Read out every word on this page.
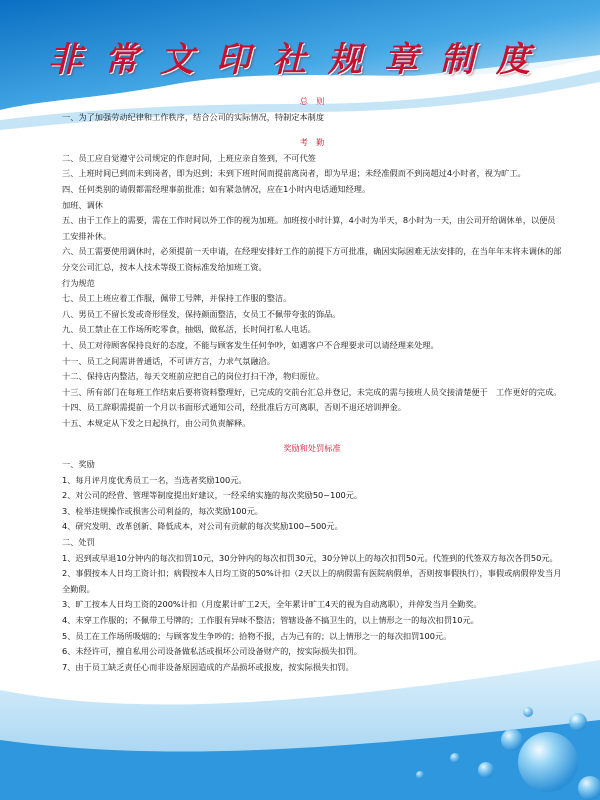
非常文印社规章制度
总　则
一、为了加强劳动纪律和工作秩序，结合公司的实际情况，特制定本制度
考　勤
二、员工应自觉遵守公司规定的作息时间，上班应亲自签到，不可代签
三、上班时间已到而未到岗者，即为迟到；未到下班时间而提前离岗者，即为早退；未经准假而不到岗超过4小时者，视为旷工。
四、任何类别的请假都需经理事前批准；如有紧急情况，应在1小时内电话通知经理。
加班、调休
五、由于工作上的需要，需在工作时间以外工作的视为加班。加班按小时计算，4小时为半天，8小时为一天，由公司开给调休单，以便员工安排补休。
六、员工需要使用调休时，必须提前一天申请，在经理安排好工作的前提下方可批准，确因实际困难无法安排的，在当年年末将未调休的部分交公司汇总，按本人技术等级工资标准发给加班工资。
行为规范
七、员工上班应着工作服，佩带工号牌，并保持工作服的整洁。
八、男员工不留长发或奇形怪发，保持颜面整洁，女员工不佩带夸张的饰品。
九、员工禁止在工作场所吃零食，抽烟，做私活，长时间打私人电话。
十、员工对待顾客保持良好的态度，不能与顾客发生任何争吵，如遇客户不合理要求可以请经理来处理。
十一、员工之间需讲普通话，不可讲方言，力求气氛融洽。
十二、保持店内整洁，每天交班前应把自己的岗位打扫干净，物归原位。
十三、所有部门在每班工作结束后要将资料整理好，已完成的交前台汇总并登记，未完成的需与接班人员交接清楚便于　工作更好的完成。
十四、员工辞职需提前一个月以书面形式通知公司，经批准后方可离职，否则不退还培训押金。
十五、本规定从下发之日起执行，由公司负责解释。
奖励和处罚标准
一、奖励
1、每月评月度优秀员工一名，当选者奖励100元。
2、对公司的经营、管理等制度提出好建议，一经采纳实施的每次奖励50~100元。
3、检举违规操作或损害公司利益的，每次奖励100元。
4、研究发明、改革创新、降低成本，对公司有贡献的每次奖励100~500元。
二、处罚
1、迟到或早退10分钟内的每次扣罚10元，30分钟内的每次扣罚30元，30分钟以上的每次扣罚50元。代签到的代签双方每次各罚50元。
2、事假按本人日均工资计扣；病假按本人日均工资的50%计扣（2天以上的病假需有医院病假单，否则按事假执行），事假或病假停发当月全勤假。
3、旷工按本人日均工资的200%计扣（月度累计旷工2天，全年累计旷工4天的视为自动离职），并停发当月全勤奖。
4、未穿工作服的；不佩带工号牌的；工作服有异味不整洁；管辖设备不搞卫生的，以上情形之一的每次扣罚10元。
5、员工在工作场所吸烟的；与顾客发生争吵的；拾物不报，占为己有的；以上情形之一的每次扣罚100元。
6、未经许可，擅自私用公司设备做私活或损坏公司设备财产的，按实际损失扣罚。
7、由于员工缺乏责任心而非设备原因造成的产品损坏或报废，按实际损失扣罚。
